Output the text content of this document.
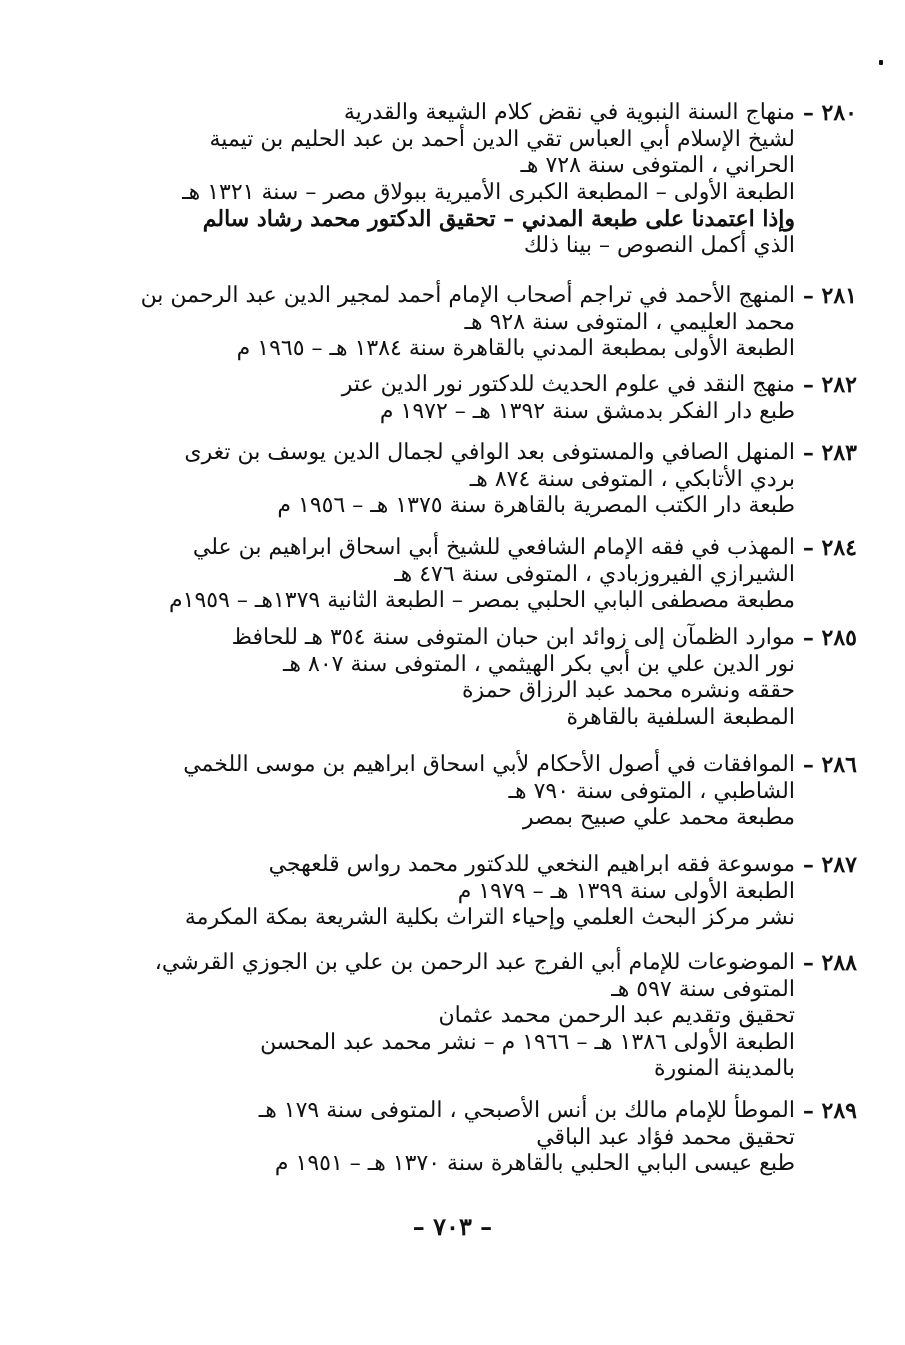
٢٨٠ –
منهاج السنة النبوية في نقض كلام الشيعة والقدرية
لشيخ الإسلام أبي العباس تقي الدين أحمد بن عبد الحليم بن تيمية
الحراني ، المتوفى سنة ٧٢٨ هـ
الطبعة الأولى – المطبعة الكبرى الأميرية ببولاق مصر – سنة ١٣٢١ هـ
وإذا اعتمدنا على طبعة المدني – تحقيق الدكتور محمد رشاد سالم
الذي أكمل النصوص – بينا ذلك
٢٨١ –
المنهج الأحمد في تراجم أصحاب الإمام أحمد لمجير الدين عبد الرحمن بن
محمد العليمي ، المتوفى سنة ٩٢٨ هـ
الطبعة الأولى بمطبعة المدني بالقاهرة سنة ١٣٨٤ هـ – ١٩٦٥ م
٢٨٢ –
منهج النقد في علوم الحديث للدكتور نور الدين عتر
طبع دار الفكر بدمشق سنة ١٣٩٢ هـ – ١٩٧٢ م
٢٨٣ –
المنهل الصافي والمستوفى بعد الوافي لجمال الدين يوسف بن تغرى
بردي الأتابكي ، المتوفى سنة ٨٧٤ هـ
طبعة دار الكتب المصرية بالقاهرة سنة ١٣٧٥ هـ – ١٩٥٦ م
٢٨٤ –
المهذب في فقه الإمام الشافعي للشيخ أبي اسحاق ابراهيم بن علي
الشيرازي الفيروزبادي ، المتوفى سنة ٤٧٦ هـ
مطبعة مصطفى البابي الحلبي بمصر – الطبعة الثانية ١٣٧٩هـ – ١٩٥٩م
٢٨٥ –
موارد الظمآن إلى زوائد ابن حبان المتوفى سنة ٣٥٤ هـ للحافظ
نور الدين علي بن أبي بكر الهيثمي ، المتوفى سنة ٨٠٧ هـ
حققه ونشره محمد عبد الرزاق حمزة
المطبعة السلفية بالقاهرة
٢٨٦ –
الموافقات في أصول الأحكام لأبي اسحاق ابراهيم بن موسى اللخمي
الشاطبي ، المتوفى سنة ٧٩٠ هـ
مطبعة محمد علي صبيح بمصر
٢٨٧ –
موسوعة فقه ابراهيم النخعي للدكتور محمد رواس قلعهجي
الطبعة الأولى سنة ١٣٩٩ هـ – ١٩٧٩ م
نشر مركز البحث العلمي وإحياء التراث بكلية الشريعة بمكة المكرمة
٢٨٨ –
الموضوعات للإمام أبي الفرج عبد الرحمن بن علي بن الجوزي القرشي،
المتوفى سنة ٥٩٧ هـ
تحقيق وتقديم عبد الرحمن محمد عثمان
الطبعة الأولى ١٣٨٦ هـ – ١٩٦٦ م – نشر محمد عبد المحسن
بالمدينة المنورة
٢٨٩ –
الموطأ للإمام مالك بن أنس الأصبحي ، المتوفى سنة ١٧٩ هـ
تحقيق محمد فؤاد عبد الباقي
طبع عيسى البابي الحلبي بالقاهرة سنة ١٣٧٠ هـ – ١٩٥١ م
– ٧٠٣ –
